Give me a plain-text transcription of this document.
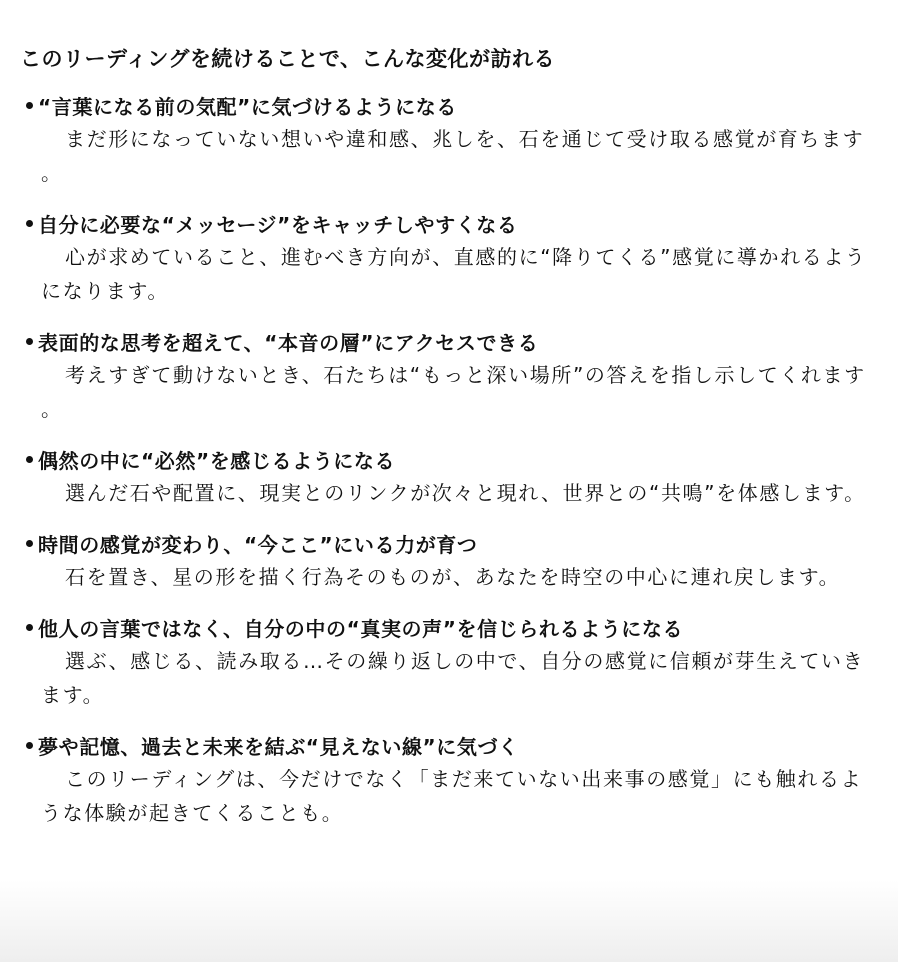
このリーディングを続けることで、こんな変化が訪れる
“言葉になる前の気配”に気づけるようになる

まだ形になっていない想いや違和感、兆しを、石を通じて受け取る感覚が育ちます。

自分に必要な“メッセージ”をキャッチしやすくなる

心が求めていること、進むべき方向が、直感的に“降りてくる”感覚に導かれるようになります。

表面的な思考を超えて、“本音の層”にアクセスできる

考えすぎて動けないとき、石たちは“もっと深い場所”の答えを指し示してくれます。

偶然の中に“必然”を感じるようになる

選んだ石や配置に、現実とのリンクが次々と現れ、世界との“共鳴”を体感します。

時間の感覚が変わり、“今ここ”にいる力が育つ

石を置き、星の形を描く行為そのものが、あなたを時空の中心に連れ戻します。

他人の言葉ではなく、自分の中の“真実の声”を信じられるようになる

選ぶ、感じる、読み取る…その繰り返しの中で、自分の感覚に信頼が芽生えていきます。

夢や記憶、過去と未来を結ぶ“見えない線”に気づく

このリーディングは、今だけでなく「まだ来ていない出来事の感覚」にも触れるような体験が起きてくることも。
